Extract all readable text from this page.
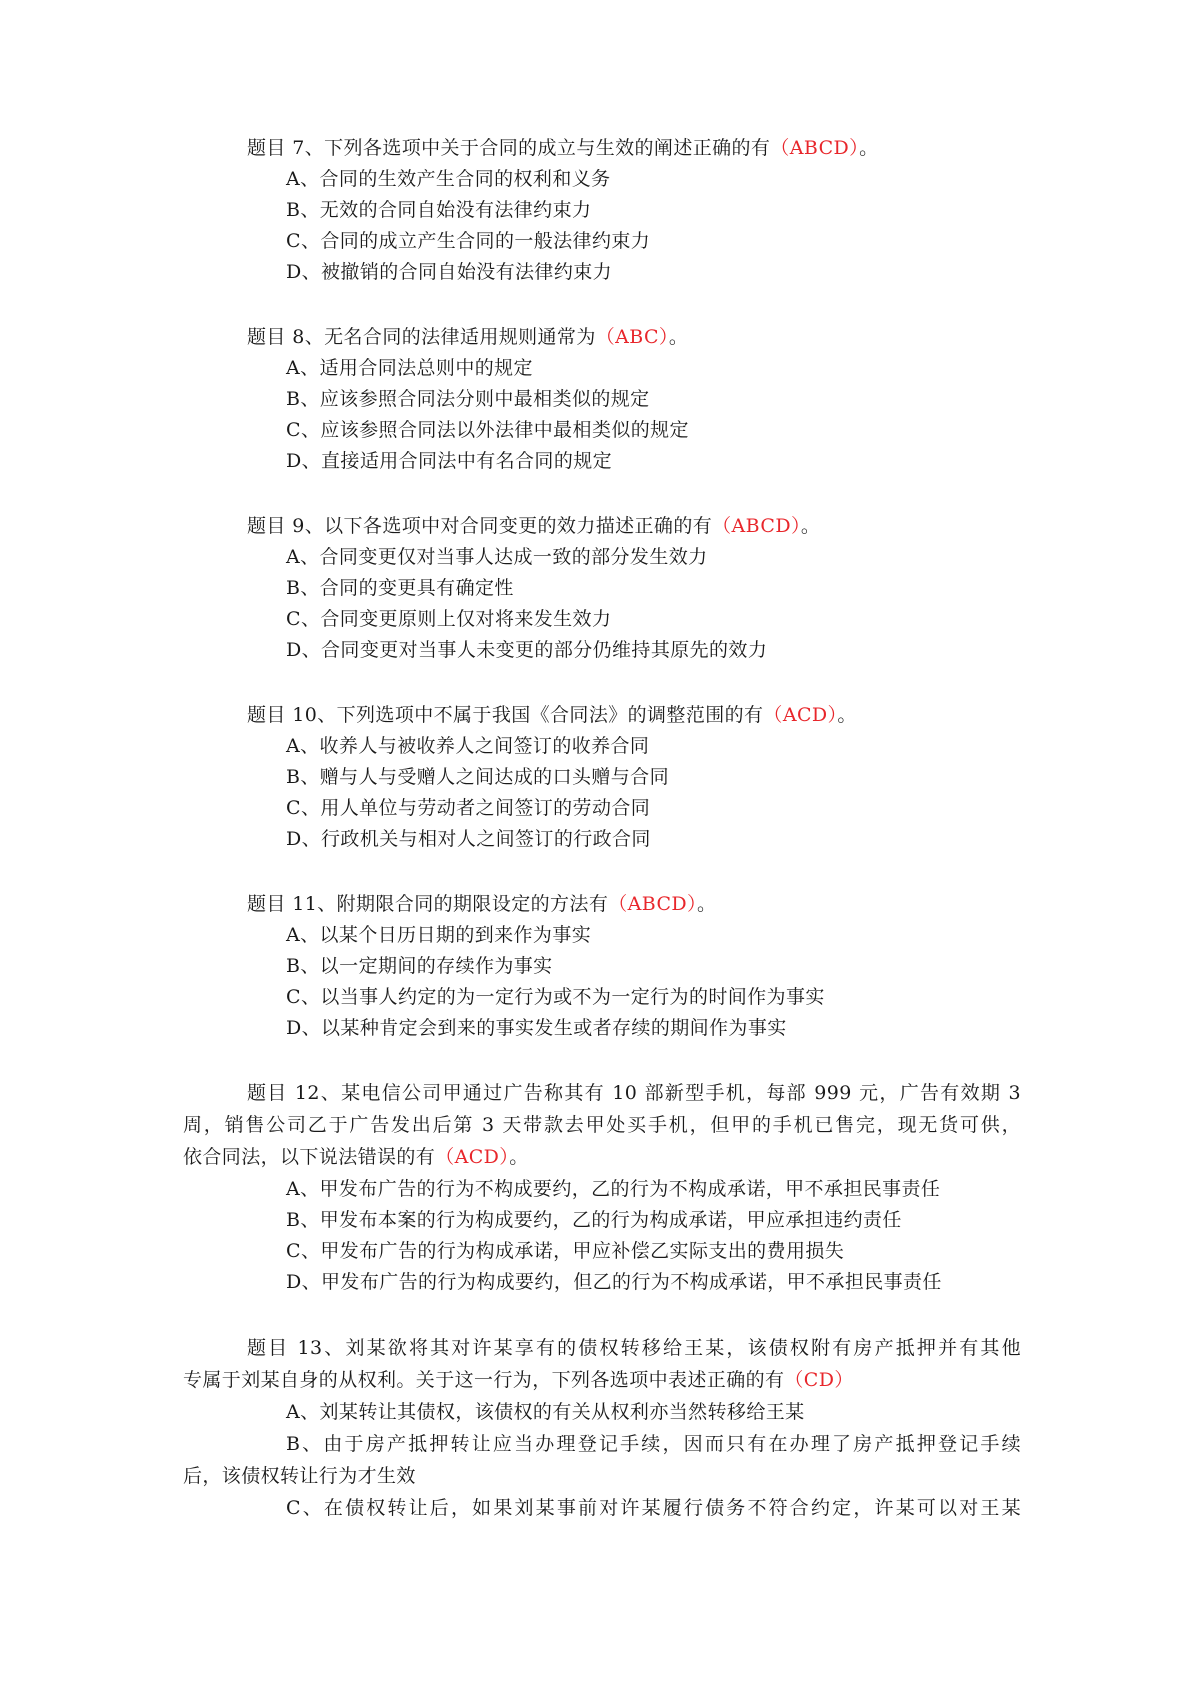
题目 7、下列各选项中关于合同的成立与生效的阐述正确的有（ABCD）。
A、合同的生效产生合同的权利和义务
B、无效的合同自始没有法律约束力
C、合同的成立产生合同的一般法律约束力
D、被撤销的合同自始没有法律约束力
题目 8、无名合同的法律适用规则通常为（ABC）。
A、适用合同法总则中的规定
B、应该参照合同法分则中最相类似的规定
C、应该参照合同法以外法律中最相类似的规定
D、直接适用合同法中有名合同的规定
题目 9、以下各选项中对合同变更的效力描述正确的有（ABCD）。
A、合同变更仅对当事人达成一致的部分发生效力
B、合同的变更具有确定性
C、合同变更原则上仅对将来发生效力
D、合同变更对当事人未变更的部分仍维持其原先的效力
题目 10、下列选项中不属于我国《合同法》的调整范围的有（ACD）。
A、收养人与被收养人之间签订的收养合同
B、赠与人与受赠人之间达成的口头赠与合同
C、用人单位与劳动者之间签订的劳动合同
D、行政机关与相对人之间签订的行政合同
题目 11、附期限合同的期限设定的方法有（ABCD）。
A、以某个日历日期的到来作为事实
B、以一定期间的存续作为事实
C、以当事人约定的为一定行为或不为一定行为的时间作为事实
D、以某种肯定会到来的事实发生或者存续的期间作为事实
题目 12、某电信公司甲通过广告称其有 10 部新型手机，每部 999 元，广告有效期 3
周，销售公司乙于广告发出后第 3 天带款去甲处买手机，但甲的手机已售完，现无货可供，
依合同法，以下说法错误的有（ACD）。
A、甲发布广告的行为不构成要约，乙的行为不构成承诺，甲不承担民事责任
B、甲发布本案的行为构成要约，乙的行为构成承诺，甲应承担违约责任
C、甲发布广告的行为构成承诺，甲应补偿乙实际支出的费用损失
D、甲发布广告的行为构成要约，但乙的行为不构成承诺，甲不承担民事责任
题目 13、刘某欲将其对许某享有的债权转移给王某，该债权附有房产抵押并有其他
专属于刘某自身的从权利。关于这一行为，下列各选项中表述正确的有（CD）
A、刘某转让其债权，该债权的有关从权利亦当然转移给王某
B、由于房产抵押转让应当办理登记手续，因而只有在办理了房产抵押登记手续
后，该债权转让行为才生效
C、在债权转让后，如果刘某事前对许某履行债务不符合约定，许某可以对王某
